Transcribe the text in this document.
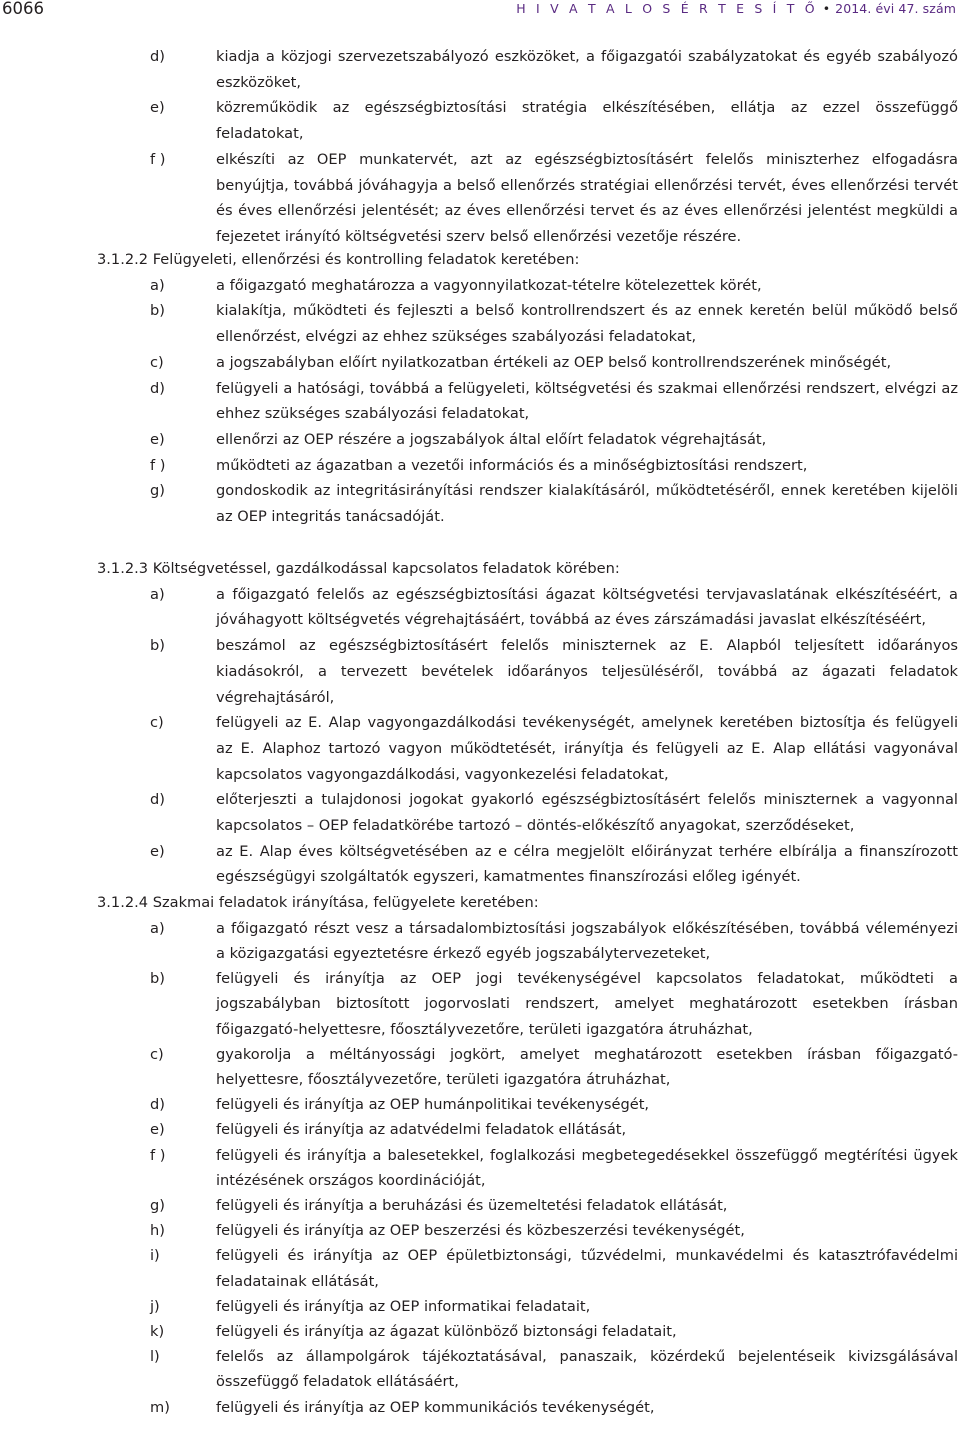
6066	H I V A T A L O S É R T E S Í T Ő • 2014. évi 47. szám
d)	kiadja a közjogi szervezetszabályozó eszközöket, a főigazgatói szabályzatokat és egyéb szabályozó eszközöket,
e)	közreműködik az egészségbiztosítási stratégia elkészítésében, ellátja az ezzel összefüggő feladatokat,
f )	elkészíti az OEP munkatervét, azt az egészségbiztosításért felelős miniszterhez elfogadásra benyújtja, továbbá jóváhagyja a belső ellenőrzés stratégiai ellenőrzési tervét, éves ellenőrzési tervét és éves ellenőrzési jelentését; az éves ellenőrzési tervet és az éves ellenőrzési jelentést megküldi a fejezetet irányító költségvetési szerv belső ellenőrzési vezetője részére.
3.1.2.2 Felügyeleti, ellenőrzési és kontrolling feladatok keretében:
a)	a főigazgató meghatározza a vagyonnyilatkozat-tételre kötelezettek körét,
b)	kialakítja, működteti és fejleszti a belső kontrollrendszert és az ennek keretén belül működő belső ellenőrzést, elvégzi az ehhez szükséges szabályozási feladatokat,
c)	a jogszabályban előírt nyilatkozatban értékeli az OEP belső kontrollrendszerének minőségét,
d)	felügyeli a hatósági, továbbá a felügyeleti, költségvetési és szakmai ellenőrzési rendszert, elvégzi az ehhez szükséges szabályozási feladatokat,
e)	ellenőrzi az OEP részére a jogszabályok által előírt feladatok végrehajtását,
f )	működteti az ágazatban a vezetői információs és a minőségbiztosítási rendszert,
g)	gondoskodik az integritásirányítási rendszer kialakításáról, működtetéséről, ennek keretében kijelöli az OEP integritás tanácsadóját.
3.1.2.3 Költségvetéssel, gazdálkodással kapcsolatos feladatok körében:
a)	a főigazgató felelős az egészségbiztosítási ágazat költségvetési tervjavaslatának elkészítéséért, a jóváhagyott költségvetés végrehajtásáért, továbbá az éves zárszámadási javaslat elkészítéséért,
b)	beszámol az egészségbiztosításért felelős miniszternek az E. Alapból teljesített időarányos kiadásokról, a tervezett bevételek időarányos teljesüléséről, továbbá az ágazati feladatok végrehajtásáról,
c)	felügyeli az E. Alap vagyongazdálkodási tevékenységét, amelynek keretében biztosítja és felügyeli az E. Alaphoz tartozó vagyon működtetését, irányítja és felügyeli az E. Alap ellátási vagyonával kapcsolatos vagyongazdálkodási, vagyonkezelési feladatokat,
d)	előterjeszti a tulajdonosi jogokat gyakorló egészségbiztosításért felelős miniszternek a vagyonnal kapcsolatos – OEP feladatkörébe tartozó – döntés-előkészítő anyagokat, szerződéseket,
e)	az E. Alap éves költségvetésében az e célra megjelölt előirányzat terhére elbírálja a finanszírozott egészségügyi szolgáltatók egyszeri, kamatmentes finanszírozási előleg igényét.
3.1.2.4 Szakmai feladatok irányítása, felügyelete keretében:
a)	a főigazgató részt vesz a társadalombiztosítási jogszabályok előkészítésében, továbbá véleményezi a közigazgatási egyeztetésre érkező egyéb jogszabálytervezeteket,
b)	felügyeli és irányítja az OEP jogi tevékenységével kapcsolatos feladatokat, működteti a jogszabályban biztosított jogorvoslati rendszert, amelyet meghatározott esetekben írásban főigazgató-helyettesre, főosztályvezetőre, területi igazgatóra átruházhat,
c)	gyakorolja a méltányossági jogkört, amelyet meghatározott esetekben írásban főigazgató-helyettesre, főosztályvezetőre, területi igazgatóra átruházhat,
d)	felügyeli és irányítja az OEP humánpolitikai tevékenységét,
e)	felügyeli és irányítja az adatvédelmi feladatok ellátását,
f )	felügyeli és irányítja a balesetekkel, foglalkozási megbetegedésekkel összefüggő megtérítési ügyek intézésének országos koordinációját,
g)	felügyeli és irányítja a beruházási és üzemeltetési feladatok ellátását,
h)	felügyeli és irányítja az OEP beszerzési és közbeszerzési tevékenységét,
i)	felügyeli és irányítja az OEP épületbiztonsági, tűzvédelmi, munkavédelmi és katasztrófavédelmi feladatainak ellátását,
j)	felügyeli és irányítja az OEP informatikai feladatait,
k)	felügyeli és irányítja az ágazat különböző biztonsági feladatait,
l)	felelős az állampolgárok tájékoztatásával, panaszaik, közérdekű bejelentéseik kivizsgálásával összefüggő feladatok ellátásáért,
m)	felügyeli és irányítja az OEP kommunikációs tevékenységét,
